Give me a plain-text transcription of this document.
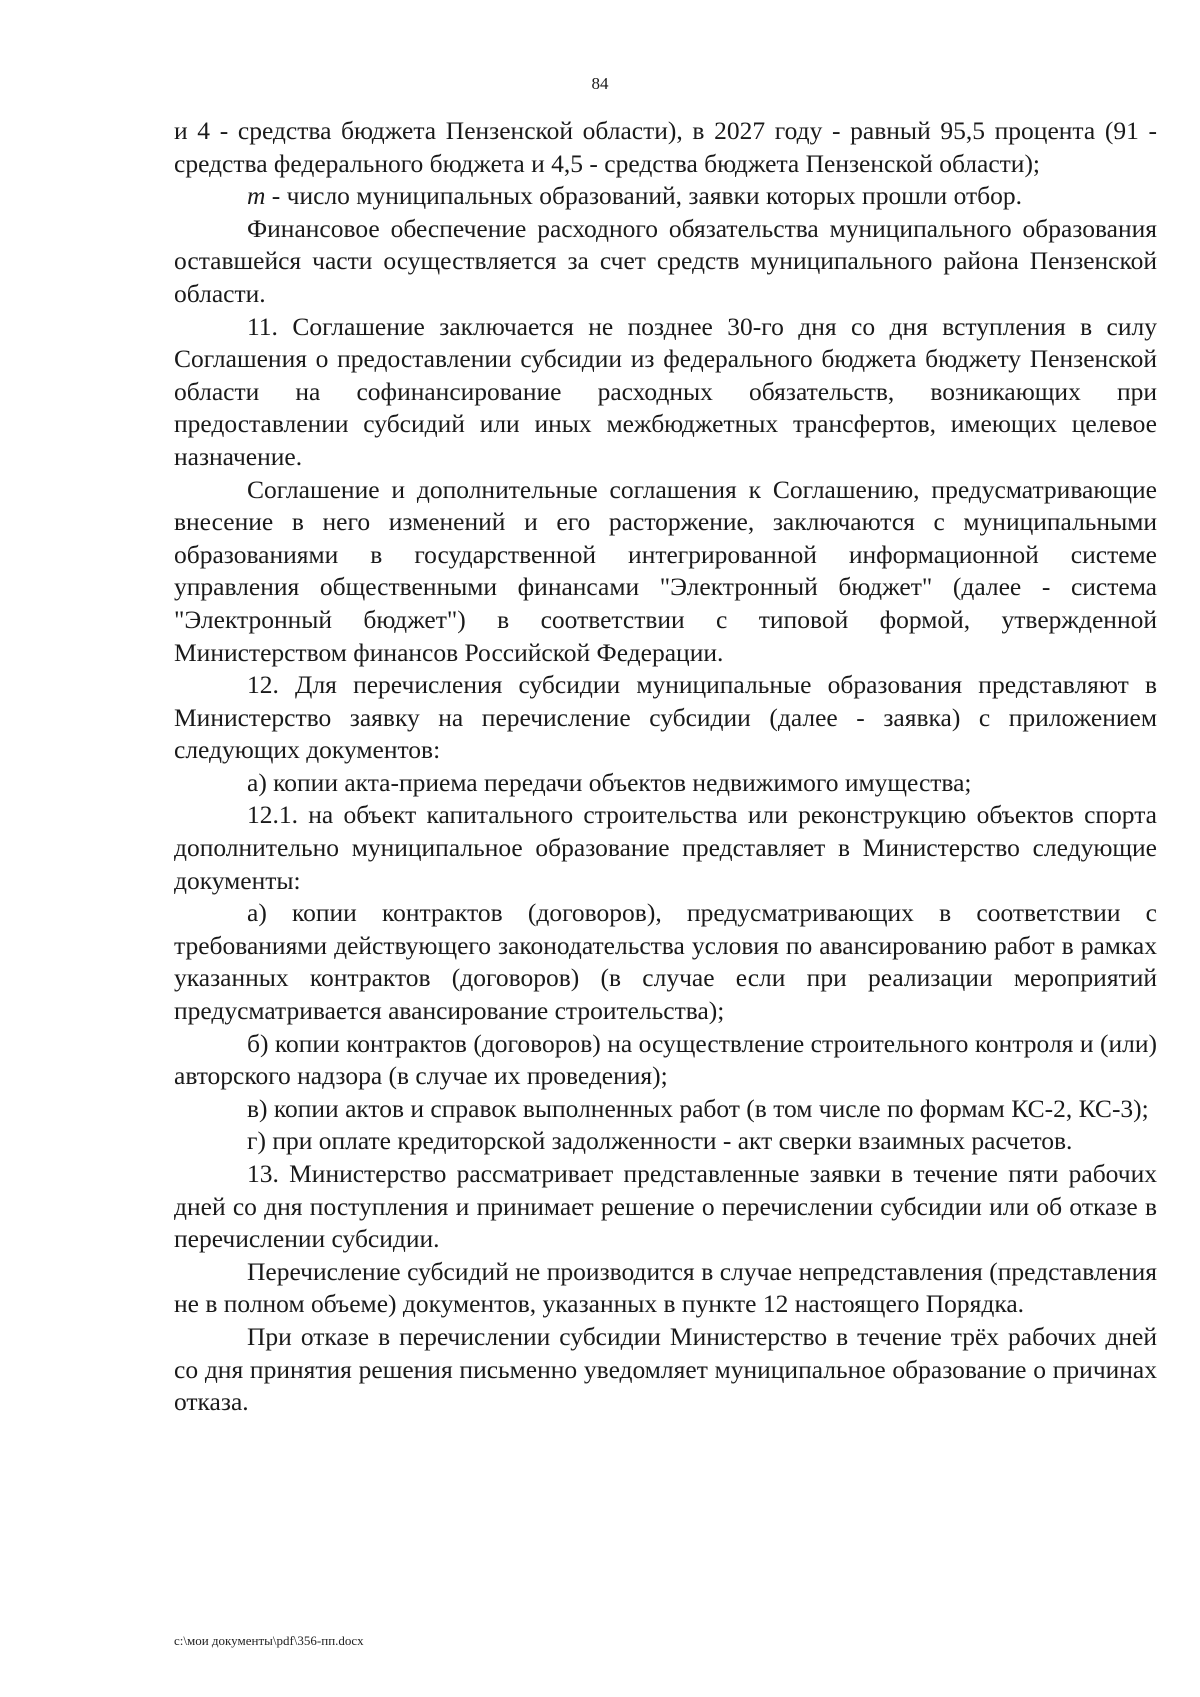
84

и 4 - средства бюджета Пензенской области), в 2027 году - равный 95,5 процента (91 - средства федерального бюджета и 4,5 - средства бюджета Пензенской области);

m - число муниципальных образований, заявки которых прошли отбор.

Финансовое обеспечение расходного обязательства муниципального образования оставшейся части осуществляется за счет средств муниципального района Пензенской области.

11. Соглашение заключается не позднее 30-го дня со дня вступления в силу Соглашения о предоставлении субсидии из федерального бюджета бюджету Пензенской области на софинансирование расходных обязательств, возникающих при предоставлении субсидий или иных межбюджетных трансфертов, имеющих целевое назначение.

Соглашение и дополнительные соглашения к Соглашению, предусматривающие внесение в него изменений и его расторжение, заключаются с муниципальными образованиями в государственной интегрированной информационной системе управления общественными финансами "Электронный бюджет" (далее - система "Электронный бюджет") в соответствии с типовой формой, утвержденной Министерством финансов Российской Федерации.

12. Для перечисления субсидии муниципальные образования представляют в Министерство заявку на перечисление субсидии (далее - заявка) с приложением следующих документов:

а) копии акта-приема передачи объектов недвижимого имущества;

12.1. на объект капитального строительства или реконструкцию объектов спорта дополнительно муниципальное образование представляет в Министерство следующие документы:

а) копии контрактов (договоров), предусматривающих в соответствии с требованиями действующего законодательства условия по авансированию работ в рамках указанных контрактов (договоров) (в случае если при реализации мероприятий предусматривается авансирование строительства);

б) копии контрактов (договоров) на осуществление строительного контроля и (или) авторского надзора (в случае их проведения);

в) копии актов и справок выполненных работ (в том числе по формам КС-2, КС-3);

г) при оплате кредиторской задолженности - акт сверки взаимных расчетов.

13. Министерство рассматривает представленные заявки в течение пяти рабочих дней со дня поступления и принимает решение о перечислении субсидии или об отказе в перечислении субсидии.

Перечисление субсидий не производится в случае непредставления (представления не в полном объеме) документов, указанных в пункте 12 настоящего Порядка.

При отказе в перечислении субсидии Министерство в течение трёх рабочих дней со дня принятия решения письменно уведомляет муниципальное образование о причинах отказа.

c:\мои документы\pdf\356-пп.docx
